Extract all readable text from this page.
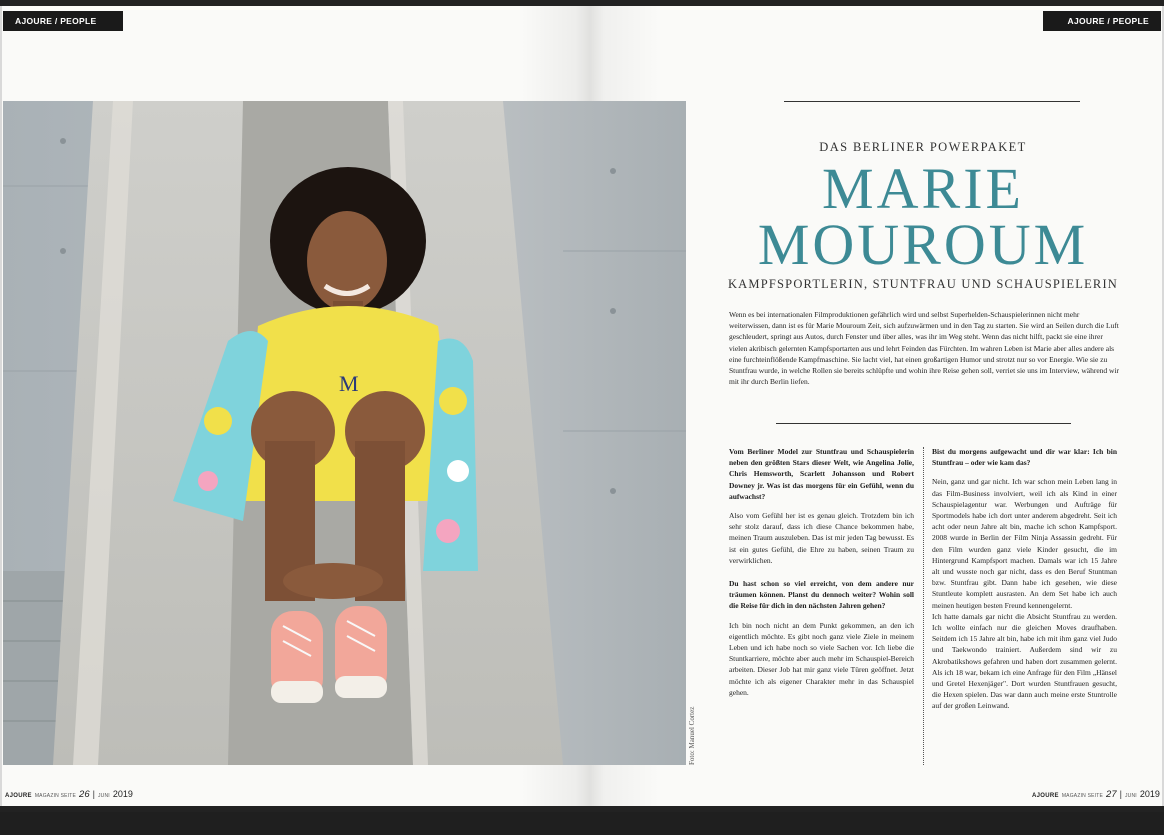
AJOURE / PEOPLE	AJOURE / PEOPLE
M
Foto: Manuel Cortez
DAS BERLINER POWERPAKET
MARIE
MOUROUM
KAMPFSPORTLERIN, STUNTFRAU UND SCHAUSPIELERIN
Wenn es bei internationalen Filmproduktionen gefährlich wird und selbst Superhelden-Schauspielerinnen nicht mehr weiterwissen, dann ist es für Marie Mouroum Zeit, sich aufzuwärmen und in den Tag zu starten. Sie wird an Seilen durch die Luft geschleudert, springt aus Autos, durch Fenster und über alles, was ihr im Weg steht. Wenn das nicht hilft, packt sie eine ihrer vielen akribisch gelernten Kampfsportarten aus und lehrt Feinden das Fürchten. Im wahren Leben ist Marie aber alles andere als eine furchteinflößende Kampfmaschine. Sie lacht viel, hat einen großartigen Humor und strotzt nur so vor Energie. Wie sie zu Stuntfrau wurde, in welche Rollen sie bereits schlüpfte und wohin ihre Reise gehen soll, verriet sie uns im Interview, während wir mit ihr durch Berlin liefen.

Vom Berliner Model zur Stuntfrau und Schauspielerin neben den größten Stars dieser Welt, wie Angelina Jolie, Chris Hemsworth, Scarlett Johansson und Robert Downey jr. Was ist das morgens für ein Gefühl, wenn du aufwachst?

Also vom Gefühl her ist es genau gleich. Trotzdem bin ich sehr stolz darauf, dass ich diese Chance bekommen habe, meinen Traum auszuleben. Das ist mir jeden Tag bewusst. Es ist ein gutes Gefühl, die Ehre zu haben, seinen Traum zu verwirklichen.

Du hast schon so viel erreicht, von dem andere nur träumen können. Planst du dennoch weiter? Wohin soll die Reise für dich in den nächsten Jahren gehen?

Ich bin noch nicht an dem Punkt gekommen, an den ich eigentlich möchte. Es gibt noch ganz viele Ziele in meinem Leben und ich habe noch so viele Sachen vor. Ich liebe die Stuntkarriere, möchte aber auch mehr im Schauspiel-Bereich arbeiten. Dieser Job hat mir ganz viele Türen geöffnet. Jetzt möchte ich als eigener Charakter mehr in das Schauspiel gehen.

Bist du morgens aufgewacht und dir war klar: Ich bin Stuntfrau – oder wie kam das?

Nein, ganz und gar nicht. Ich war schon mein Leben lang in das Film-Business involviert, weil ich als Kind in einer Schauspielagentur war. Werbungen und Aufträge für Sportmodels habe ich dort unter anderem abgedreht. Seit ich acht oder neun Jahre alt bin, mache ich schon Kampfsport. 2008 wurde in Berlin der Film Ninja Assassin gedreht. Für den Film wurden ganz viele Kinder gesucht, die im Hintergrund Kampfsport machen. Damals war ich 15 Jahre alt und wusste noch gar nicht, dass es den Beruf Stuntman bzw. Stuntfrau gibt. Dann habe ich gesehen, wie diese Stuntleute komplett ausrasten. An dem Set habe ich auch meinen heutigen besten Freund kennengelernt.

Ich hatte damals gar nicht die Absicht Stuntfrau zu werden. Ich wollte einfach nur die gleichen Moves draufhaben. Seitdem ich 15 Jahre alt bin, habe ich mit ihm ganz viel Judo und Taekwondo trainiert. Außerdem sind wir zu Akrobatikshows gefahren und haben dort zusammen gelernt. Als ich 18 war, bekam ich eine Anfrage für den Film „Hänsel und Gretel Hexenjäger". Dort wurden Stuntfrauen gesucht, die Hexen spielen. Das war dann auch meine erste Stuntrolle auf der großen Leinwand.

AJOURE MAGAZIN SEITE 26 | JUNI 2019	AJOURE MAGAZIN SEITE 27 | JUNI 2019
